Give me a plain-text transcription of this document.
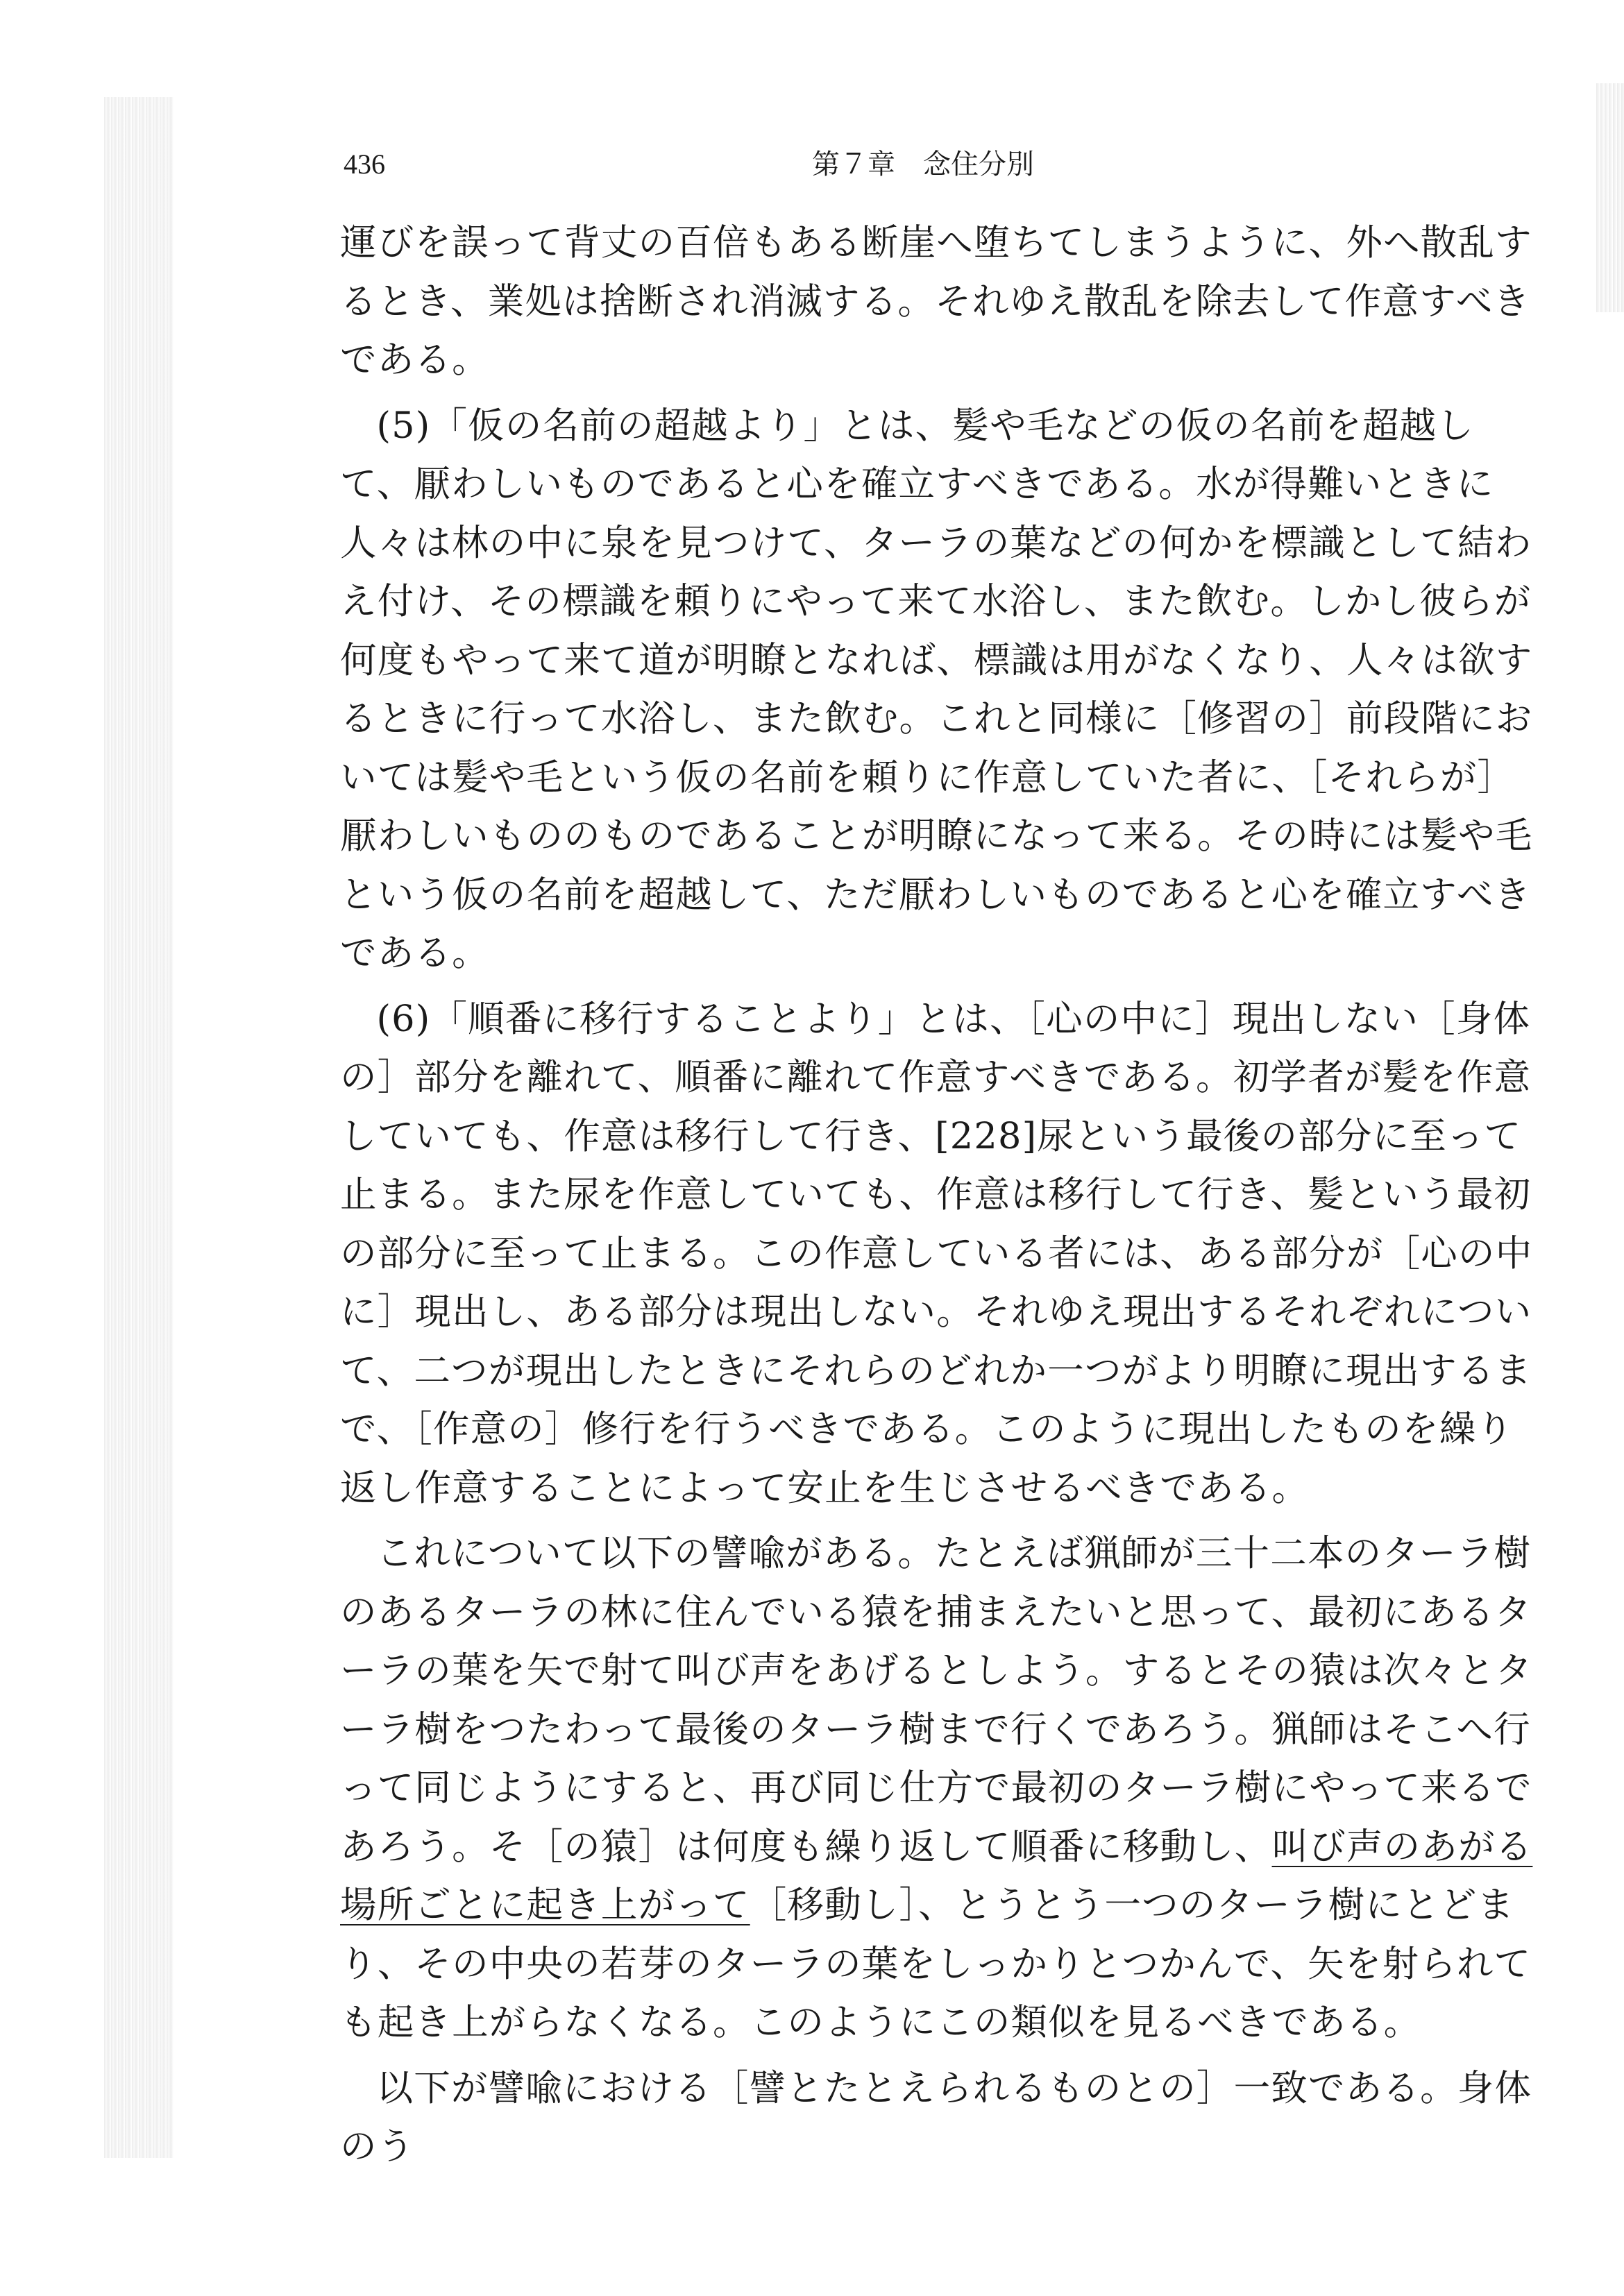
436	第７章　念住分別

運びを誤って背丈の百倍もある断崖へ堕ちてしまうように、外へ散乱するとき、業処は捨断され消滅する。それゆえ散乱を除去して作意すべきである。

(5)「仮の名前の超越より」とは、髪や毛などの仮の名前を超越して、厭わしいものであると心を確立すべきである。水が得難いときに人々は林の中に泉を見つけて、ターラの葉などの何かを標識として結わえ付け、その標識を頼りにやって来て水浴し、また飲む。しかし彼らが何度もやって来て道が明瞭となれば、標識は用がなくなり、人々は欲するときに行って水浴し、また飲む。これと同様に［修習の］前段階においては髪や毛という仮の名前を頼りに作意していた者に、［それらが］厭わしいもののものであることが明瞭になって来る。その時には髪や毛という仮の名前を超越して、ただ厭わしいものであると心を確立すべきである。

(6)「順番に移行することより」とは、［心の中に］現出しない［身体の］部分を離れて、順番に離れて作意すべきである。初学者が髪を作意していても、作意は移行して行き、[228]尿という最後の部分に至って止まる。また尿を作意していても、作意は移行して行き、髪という最初の部分に至って止まる。この作意している者には、ある部分が［心の中に］現出し、ある部分は現出しない。それゆえ現出するそれぞれについて、二つが現出したときにそれらのどれか一つがより明瞭に現出するまで、［作意の］修行を行うべきである。このように現出したものを繰り返し作意することによって安止を生じさせるべきである。

これについて以下の譬喩がある。たとえば猟師が三十二本のターラ樹のあるターラの林に住んでいる猿を捕まえたいと思って、最初にあるターラの葉を矢で射て叫び声をあげるとしよう。するとその猿は次々とターラ樹をつたわって最後のターラ樹まで行くであろう。猟師はそこへ行って同じようにすると、再び同じ仕方で最初のターラ樹にやって来るであろう。そ［の猿］は何度も繰り返して順番に移動し、叫び声のあがる場所ごとに起き上がって［移動し］、とうとう一つのターラ樹にとどまり、その中央の若芽のターラの葉をしっかりとつかんで、矢を射られても起き上がらなくなる。このようにこの類似を見るべきである。

以下が譬喩における［譬とたとえられるものとの］一致である。身体のう
